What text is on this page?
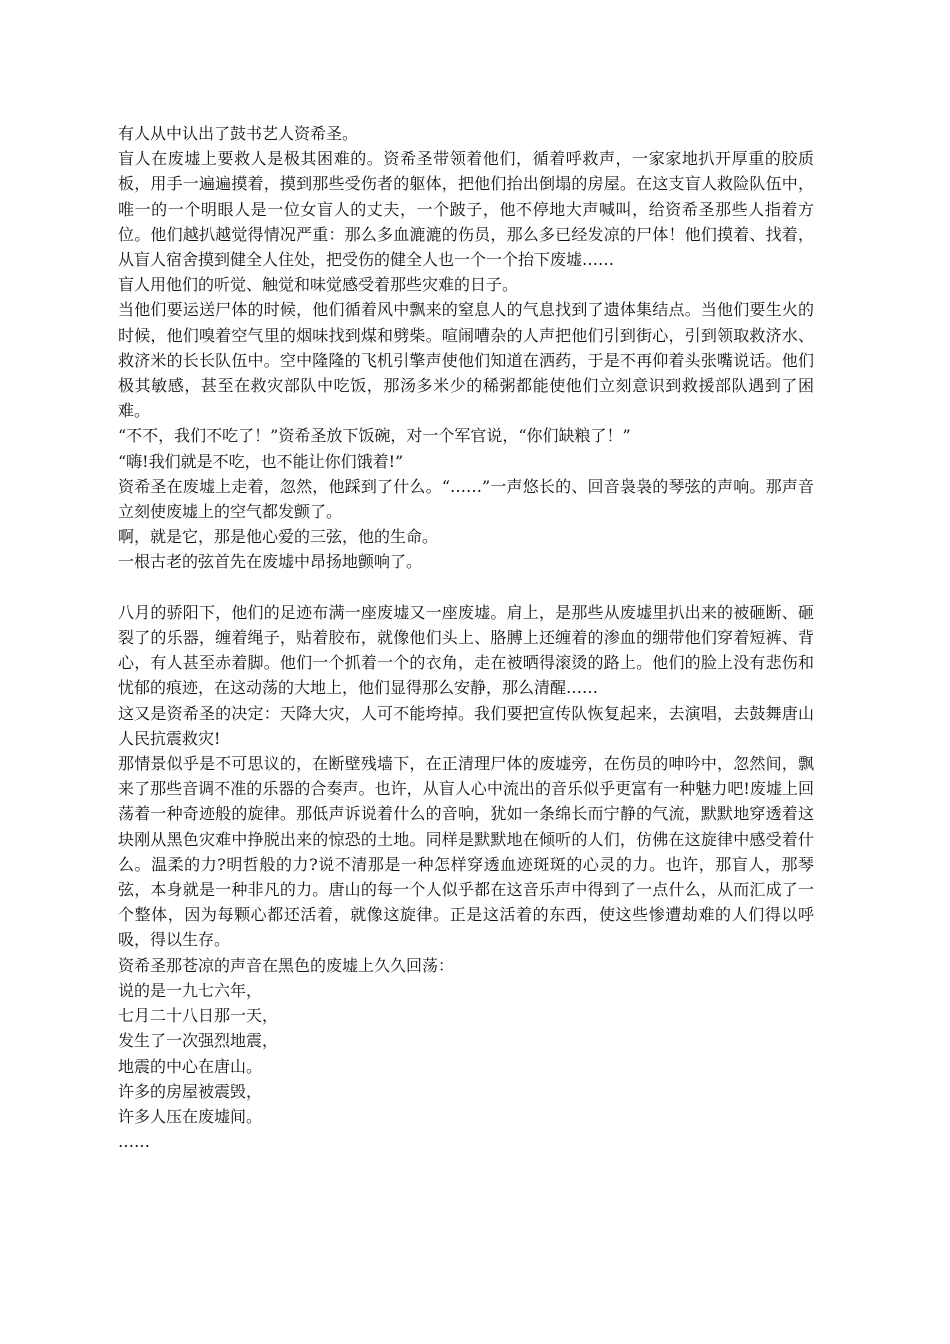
有人从中认出了鼓书艺人资希圣。

盲人在废墟上要救人是极其困难的。资希圣带领着他们，循着呼救声，一家家地扒开厚重的胶质板，用手一遍遍摸着，摸到那些受伤者的躯体，把他们抬出倒塌的房屋。在这支盲人救险队伍中，唯一的一个明眼人是一位女盲人的丈夫，一个跛子，他不停地大声喊叫，给资希圣那些人指着方位。他们越扒越觉得情况严重：那么多血漉漉的伤员，那么多已经发凉的尸体！他们摸着、找着，从盲人宿舍摸到健全人住处，把受伤的健全人也一个一个抬下废墟……

盲人用他们的听觉、触觉和味觉感受着那些灾难的日子。

当他们要运送尸体的时候，他们循着风中飘来的窒息人的气息找到了遗体集结点。当他们要生火的时候，他们嗅着空气里的烟味找到煤和劈柴。喧闹嘈杂的人声把他们引到街心，引到领取救济水、救济米的长长队伍中。空中隆隆的飞机引擎声使他们知道在洒药，于是不再仰着头张嘴说话。他们极其敏感，甚至在救灾部队中吃饭，那汤多米少的稀粥都能使他们立刻意识到救援部队遇到了困难。

“不不，我们不吃了！”资希圣放下饭碗，对一个军官说，“你们缺粮了！”

“嗨!我们就是不吃，也不能让你们饿着!”

资希圣在废墟上走着，忽然，他踩到了什么。“……”一声悠长的、回音袅袅的琴弦的声响。那声音立刻使废墟上的空气都发颤了。

啊，就是它，那是他心爱的三弦，他的生命。

一根古老的弦首先在废墟中昂扬地颤响了。

八月的骄阳下，他们的足迹布满一座废墟又一座废墟。肩上，是那些从废墟里扒出来的被砸断、砸裂了的乐器，缠着绳子，贴着胶布，就像他们头上、胳膊上还缠着的渗血的绷带他们穿着短裤、背心，有人甚至赤着脚。他们一个抓着一个的衣角，走在被晒得滚烫的路上。他们的脸上没有悲伤和忧郁的痕迹，在这动荡的大地上，他们显得那么安静，那么清醒……

这又是资希圣的决定：天降大灾，人可不能垮掉。我们要把宣传队恢复起来，去演唱，去鼓舞唐山人民抗震救灾!

那情景似乎是不可思议的，在断壁残墙下，在正清理尸体的废墟旁，在伤员的呻吟中，忽然间，飘来了那些音调不准的乐器的合奏声。也许，从盲人心中流出的音乐似乎更富有一种魅力吧!废墟上回荡着一种奇迹般的旋律。那低声诉说着什么的音响，犹如一条绵长而宁静的气流，默默地穿透着这块刚从黑色灾难中挣脱出来的惊恐的土地。同样是默默地在倾听的人们，仿佛在这旋律中感受着什么。温柔的力?明哲般的力?说不清那是一种怎样穿透血迹斑斑的心灵的力。也许，那盲人，那琴弦，本身就是一种非凡的力。唐山的每一个人似乎都在这音乐声中得到了一点什么，从而汇成了一个整体，因为每颗心都还活着，就像这旋律。正是这活着的东西，使这些惨遭劫难的人们得以呼吸，得以生存。

资希圣那苍凉的声音在黑色的废墟上久久回荡：

说的是一九七六年，

七月二十八日那一天，

发生了一次强烈地震，

地震的中心在唐山。

许多的房屋被震毁，

许多人压在废墟间。

……
